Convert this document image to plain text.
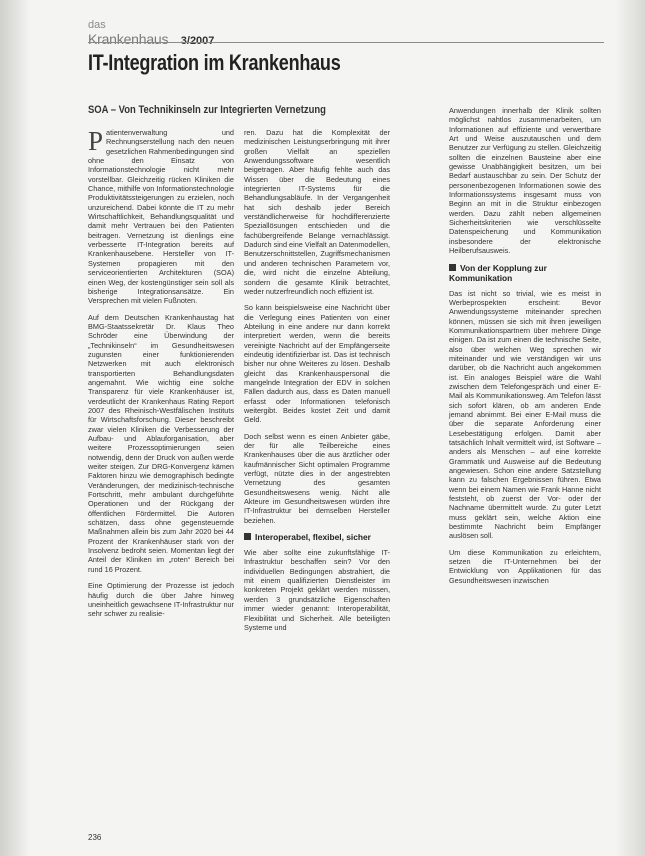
das
Krankenhaus 3/2007
IT-Integration im Krankenhaus
SOA – Von Technikinseln zur Integrierten Vernetzung

Patientenverwaltung und Rechnungserstellung nach den neuen gesetzlichen Rahmenbedingungen sind ohne den Einsatz von Informationstechnologie nicht mehr vorstellbar. Gleichzeitig rücken Kliniken die Chance, mithilfe von Informationstechnologie Produktivitätssteigerungen zu erzielen, noch unzureichend. Dabei könnte die IT zu mehr Wirtschaftlichkeit, Behandlungsqualität und damit mehr Vertrauen bei den Patienten beitragen. Vernetzung ist dienlings eine verbesserte IT-Integration bereits auf Krankenhausebene. Hersteller von IT-Systemen propagieren mit den serviceorientierten Architekturen (SOA) einen Weg, der kostengünstiger sein soll als bisherige Integrationsansätze. Ein Versprechen mit vielen Fußnoten.

Auf dem Deutschen Krankenhaustag hat BMG-Staatssekretär Dr. Klaus Theo Schröder eine Überwindung der „Technikinseln“ im Gesundheitswesen zugunsten einer funktionierenden Netzwerken mit auch elektronisch transportierten Behandlungsdaten angemahnt. Wie wichtig eine solche Transparenz für viele Krankenhäuser ist, verdeutlicht der Krankenhaus Rating Report 2007 des Rheinisch-Westfälischen Instituts für Wirtschaftsforschung. Dieser beschreibt zwar vielen Kliniken die Verbesserung der Aufbau- und Ablauforganisation, aber weitere Prozessoptimierungen seien notwendig, denn der Druck von außen werde weiter steigen. Zur DRG-Konvergenz kämen Faktoren hinzu wie demographisch bedingte Veränderungen, der medizinisch-technische Fortschritt, mehr ambulant durchgeführte Operationen und der Rückgang der öffentlichen Fördermittel. Die Autoren schätzen, dass ohne gegensteuernde Maßnahmen allein bis zum Jahr 2020 bei 44 Prozent der Krankenhäuser stark von der Insolvenz bedroht seien. Momentan liegt der Anteil der Kliniken im „roten“ Bereich bei rund 16 Prozent.

Eine Optimierung der Prozesse ist jedoch häufig durch die über Jahre hinweg uneinheitlich gewachsene IT-Infrastruktur nur sehr schwer zu realisie-

ren. Dazu hat die Komplexität der medizinischen Leistungserbringung mit ihrer großen Vielfalt an speziellen Anwendungssoftware wesentlich beigetragen. Aber häufig fehlte auch das Wissen über die Bedeutung eines integrierten IT-Systems für die Behandlungsabläufe. In der Vergangenheit hat sich deshalb jeder Bereich verständlicherweise für hochdifferenzierte Speziallösungen entschieden und die fachübergreifende Belange vernachlässigt. Dadurch sind eine Vielfalt an Datenmodellen, Benutzerschnittstellen, Zugriffsmechanismen und anderen technischen Parametern vor, die, wird nicht die einzelne Abteilung, sondern die gesamte Klinik betrachtet, weder nutzerfreundlich noch effizient ist.

So kann beispielsweise eine Nachricht über die Verlegung eines Patienten von einer Abteilung in eine andere nur dann korrekt interpretiert werden, wenn die bereits vereinigte Nachricht auf der Empfängerseite eindeutig identifizierbar ist. Das ist technisch bisher nur ohne Weiteres zu lösen. Deshalb gleicht das Krankenhauspersonal die mangelnde Integration der EDV in solchen Fällen dadurch aus, dass es Daten manuell erfasst oder Informationen telefonisch weitergibt. Beides kostet Zeit und damit Geld.

Doch selbst wenn es einen Anbieter gäbe, der für alle Teilbereiche eines Krankenhauses über die aus ärztlicher oder kaufmännischer Sicht optimalen Programme verfügt, nützte dies in der angestrebten Vernetzung des gesamten Gesundheitswesens wenig. Nicht alle Akteure im Gesundheitswesen würden ihre IT-Infrastruktur bei demselben Hersteller beziehen.

Interoperabel, flexibel, sicher

Wie aber sollte eine zukunftsfähige IT-Infrastruktur beschaffen sein? Vor den individuellen Bedingungen abstrahiert, die mit einem qualifizierten Dienstleister im konkreten Projekt geklärt werden müssen, werden 3 grundsätzliche Eigenschaften immer wieder genannt: Interoperabilität, Flexibilität und Sicherheit. Alle beteiligten Systeme und

Anwendungen innerhalb der Klinik sollten möglichst nahtlos zusammenarbeiten, um Informationen auf effiziente und verwertbare Art und Weise auszutauschen und dem Benutzer zur Verfügung zu stellen. Gleichzeitig sollten die einzelnen Bausteine aber eine gewisse Unabhängigkeit besitzen, um bei Bedarf austauschbar zu sein. Der Schutz der personenbezogenen Informationen sowie des Informationssystems insgesamt muss von Beginn an mit in die Struktur einbezogen werden. Dazu zählt neben allgemeinen Sicherheitskriterien wie verschlüsselte Datenspeicherung und Kommunikation insbesondere der elektronische Heilberufsausweis.

Von der Kopplung zur Kommunikation

Das ist nicht so trivial, wie es meist in Werbeprospekten erscheint: Bevor Anwendungssysteme miteinander sprechen können, müssen sie sich mit ihren jeweiligen Kommunikationspartnern über mehrere Dinge einigen. Da ist zum einen die technische Seite, also über welchen Weg sprechen wir miteinander und wie verständigen wir uns darüber, ob die Nachricht auch angekommen ist. Ein analoges Beispiel wäre die Wahl zwischen dem Telefongespräch und einer E-Mail als Kommunikationsweg. Am Telefon lässt sich sofort klären, ob am anderen Ende jemand abnimmt. Bei einer E-Mail muss die über die separate Anforderung einer Lesebestätigung erfolgen. Damit aber tatsächlich Inhalt vermittelt wird, ist Software – anders als Menschen – auf eine korrekte Grammatik und Ausweise auf die Bedeutung angewiesen. Schon eine andere Satzstellung kann zu falschen Ergebnissen führen. Etwa wenn bei einem Namen wie Frank Hanne nicht feststeht, ob zuerst der Vor- oder der Nachname übermittelt wurde. Zu guter Letzt muss geklärt sein, welche Aktion eine bestimmte Nachricht beim Empfänger auslösen soll.

Um diese Kommunikation zu erleichtern, setzen die IT-Unternehmen bei der Entwicklung von Applikationen für das Gesundheitswesen inzwischen

236
